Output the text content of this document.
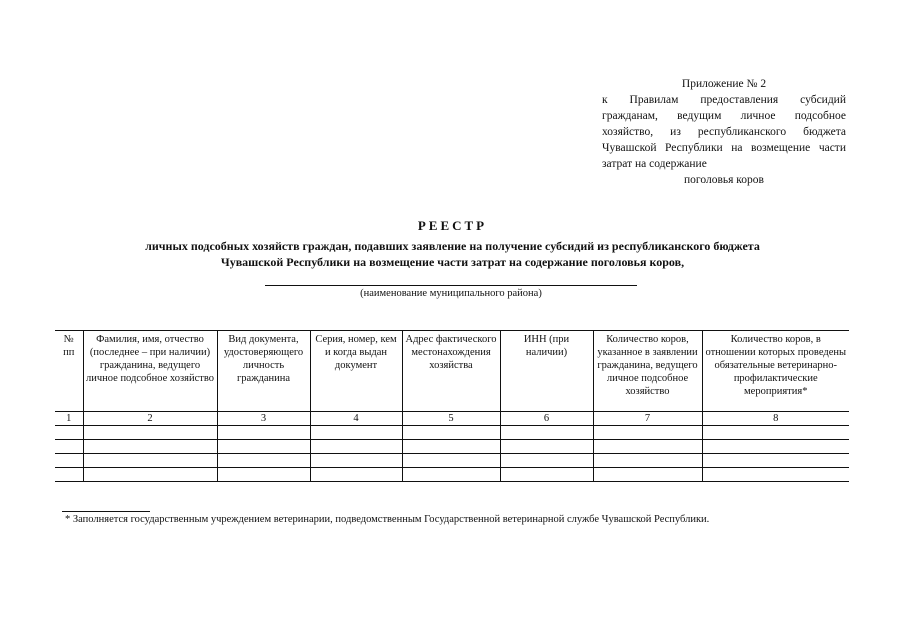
Приложение № 2
к Правилам предоставления субсидий гражданам, ведущим личное подсобное хозяйство, из республиканского бюджета Чувашской Республики на возмещение части затрат на содержание
поголовья коров
РЕЕСТР
личных подсобных хозяйств граждан, подавших заявление на получение субсидий из республиканского бюджета
Чувашской Республики на возмещение части затрат на содержание поголовья коров,
(наименование муниципального района)
№ пп	Фамилия, имя, отчество (последнее – при наличии) гражданина, ведущего личное подсобное хозяйство	Вид документа, удостоверяющего личность гражданина	Серия, номер, кем и когда выдан документ	Адрес фактического местонахождения хозяйства	ИНН (при наличии)	Количество коров, указанное в заявлении гражданина, ведущего личное подсобное хозяйство	Количество коров, в отношении которых проведены обязательные ветеринарно-профилактические мероприятия*
1	2	3	4	5	6	7	8

* Заполняется государственным учреждением ветеринарии, подведомственным Государственной ветеринарной службе Чувашской Республики.
